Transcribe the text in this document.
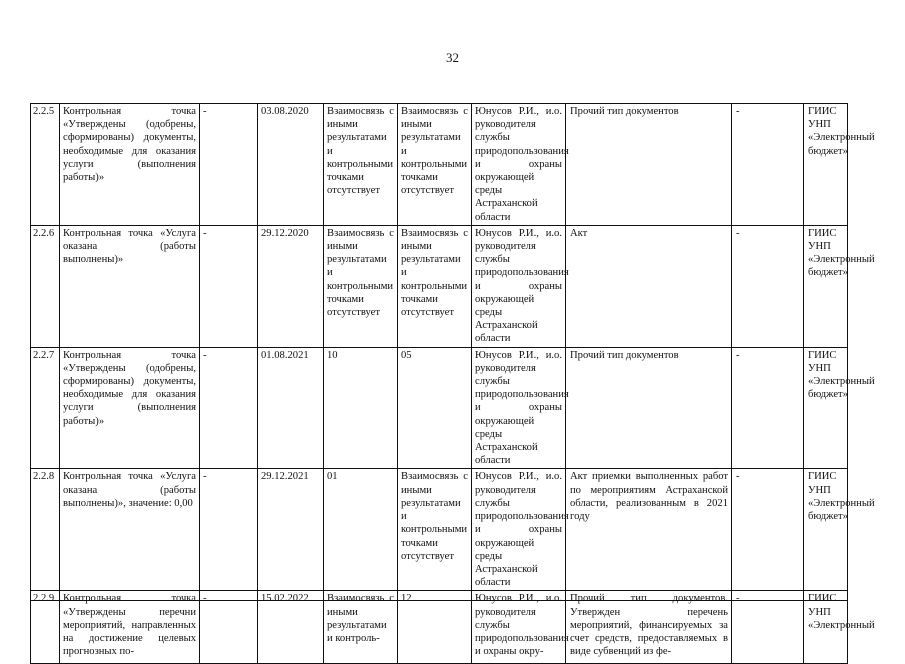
32
2.2.5	Контрольная точка «Утверждены (одобрены, сформированы) документы, необходимые для оказания услуги (выполнения работы)»	-	03.08.2020	Взаимосвязь с иными результатами и контрольными точками отсутствует	Взаимосвязь с иными результатами и контрольными точками отсутствует	Юнусов Р.И., и.о. руководителя службы природопользования и охраны окружающей среды Астраханской области	Прочий тип документов	-	ГИИС УНП «Электронный бюджет»
2.2.6	Контрольная точка «Услуга оказана (работы выполнены)»	-	29.12.2020	Взаимосвязь с иными результатами и контрольными точками отсутствует	Взаимосвязь с иными результатами и контрольными точками отсутствует	Юнусов Р.И., и.о. руководителя службы природопользования и охраны окружающей среды Астраханской области	Акт	-	ГИИС УНП «Электронный бюджет»
2.2.7	Контрольная точка «Утверждены (одобрены, сформированы) документы, необходимые для оказания услуги (выполнения работы)»	-	01.08.2021	10	05	Юнусов Р.И., и.о. руководителя службы природопользования и охраны окружающей среды Астраханской области	Прочий тип документов	-	ГИИС УНП «Электронный бюджет»
2.2.8	Контрольная точка «Услуга оказана (работы выполнены)», значение: 0,00	-	29.12.2021	01	Взаимосвязь с иными результатами и контрольными точками отсутствует	Юнусов Р.И., и.о. руководителя службы природопользования и охраны окружающей среды Астраханской области	Акт приемки выполненных работ по мероприятиям Астраханской области, реализованным в 2021 году	-	ГИИС УНП «Электронный бюджет»
2.2.9	Контрольная точка «Утверждены перечни мероприятий, направленных на достижение целевых прогнозных по-	-	15.02.2022	Взаимосвязь с иными результатами и контроль-	12	Юнусов Р.И., и.о. руководителя службы природопользования и охраны окру-	Прочий тип документов. Утвержден перечень мероприятий, финансируемых за счет средств, предоставляемых в виде субвенций из фе-	-	ГИИС УНП «Электронный
